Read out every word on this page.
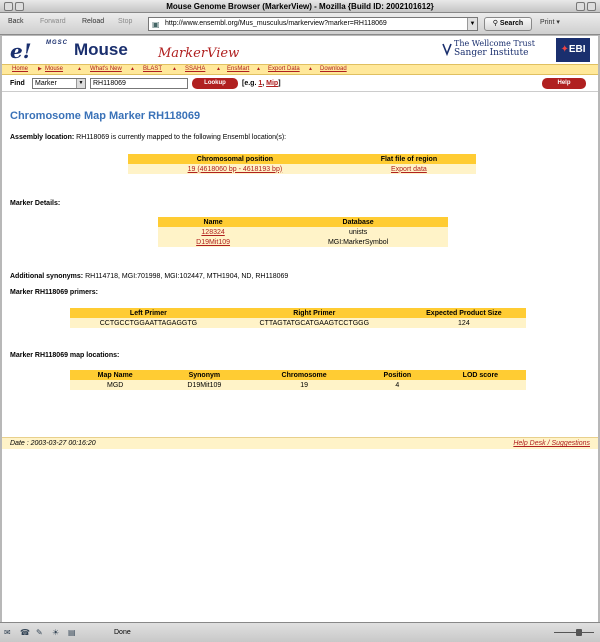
Mouse Genome Browser (MarkerView) - Mozilla {Build ID: 2002101612}
Back Forward Reload Stop ▣ http://www.ensembl.org/Mus_musculus/markerview?marker=RH118069	▼	⚲ Search	Print ▾
e! MGSC Mouse MarkerView
The Wellcome Trust
Sanger Institute	✦EBI
Home ▶ Mouse	▲ What's New ▲ BLAST ▲ SSAHA ▲ EnsMart ▲ Export Data ▲ Download
Find	Marker	▼	RH118069	Lookup	[e.g. 1, Mip]	Help
Chromosome Map Marker RH118069
Assembly location: RH118069 is currently mapped to the following Ensembl location(s):
Chromosomal position	Flat file of region
19 (4618060 bp - 4618193 bp)	Export data
Marker Details:
Name	Database
128324	unists
D19Mit109	MGI:MarkerSymbol
Additional synonyms: RH114718, MGI:701998, MGI:102447, MTH1904, ND, RH118069
Marker RH118069 primers:
Left Primer	Right Primer	Expected Product Size
CCTGCCTGGAATTAGAGGTG	CTTAGTATGCATGAAGTCCTGGG	124
Marker RH118069 map locations:
Map Name	Synonym	Chromosome	Position	LOD score
MGD	D19Mit109	19	4	
Date : 2003-03-27 00:16:20	Help Desk / Suggestions
✉ ☎ ✎ ☀ ▤	Done
